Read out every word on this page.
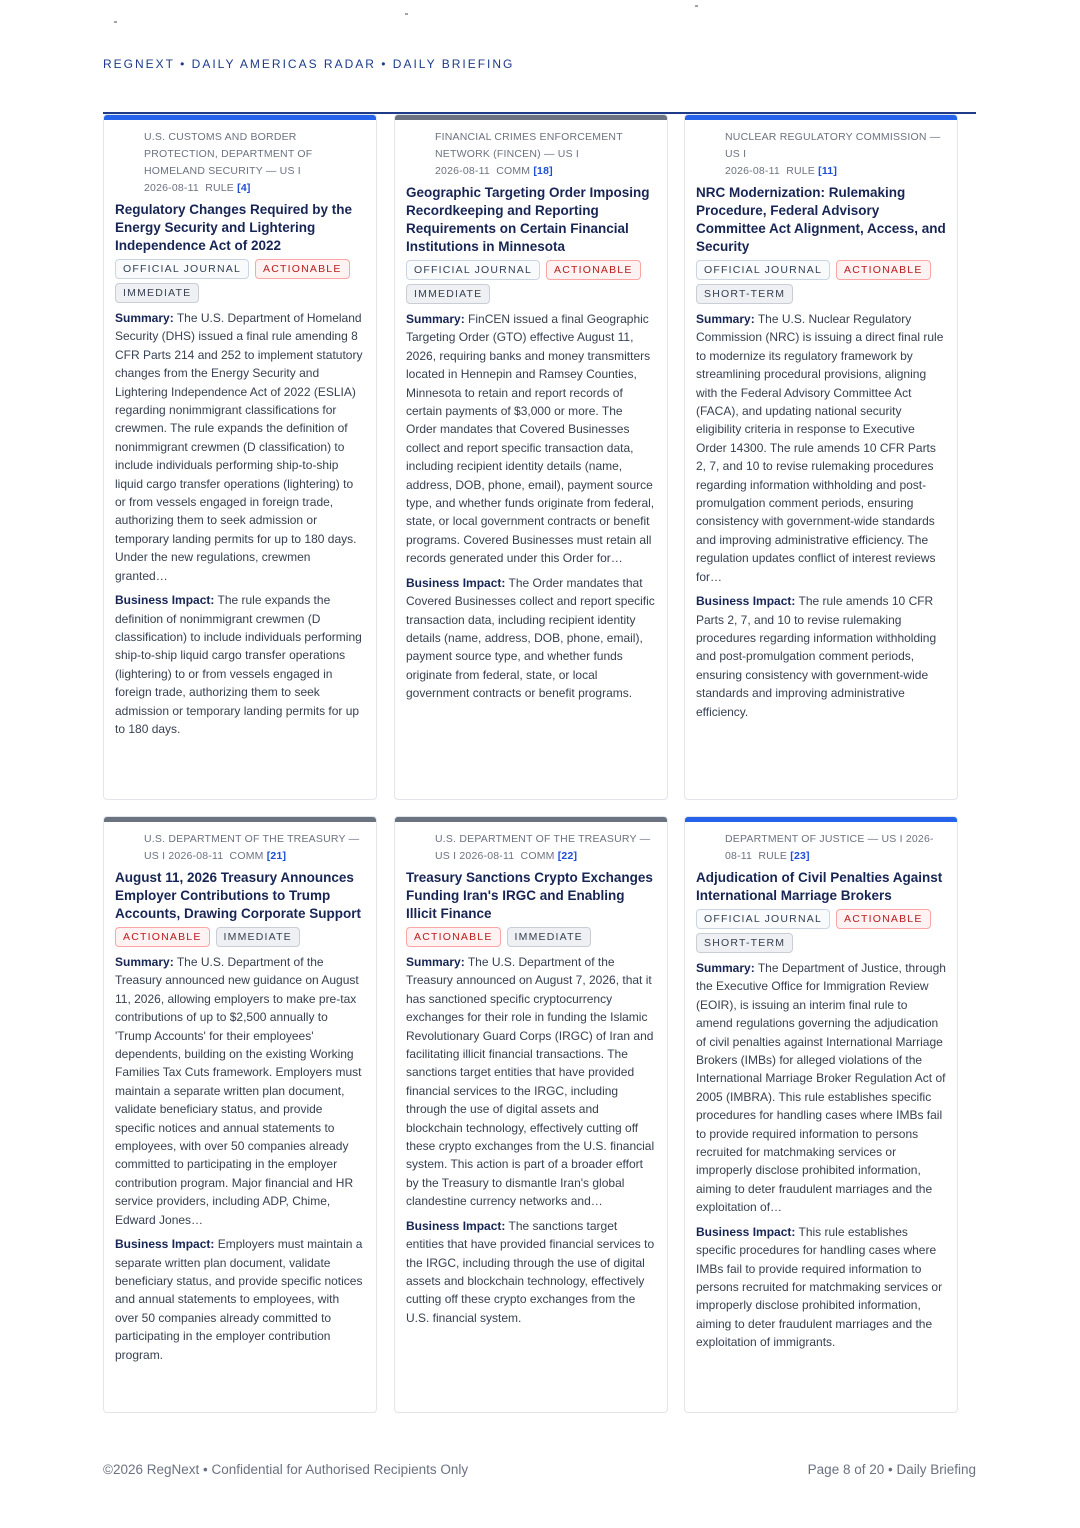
REGNEXT • DAILY AMERICAS RADAR • DAILY BRIEFING
U.S. CUSTOMS AND BORDER PROTECTION, DEPARTMENT OF HOMELAND SECURITY — US I
2026-08-11 RULE [4]
Regulatory Changes Required by the Energy Security and Lightering Independence Act of 2022
OFFICIAL JOURNAL	ACTIONABLE
IMMEDIATE

Summary: The U.S. Department of Homeland Security (DHS) issued a final rule amending 8 CFR Parts 214 and 252 to implement statutory changes from the Energy Security and Lightering Independence Act of 2022 (ESLIA) regarding nonimmigrant classifications for crewmen. The rule expands the definition of nonimmigrant crewmen (D classification) to include individuals performing ship-to-ship liquid cargo transfer operations (lightering) to or from vessels engaged in foreign trade, authorizing them to seek admission or temporary landing permits for up to 180 days. Under the new regulations, crewmen granted…

Business Impact: The rule expands the definition of nonimmigrant crewmen (D classification) to include individuals performing ship-to-ship liquid cargo transfer operations (lightering) to or from vessels engaged in foreign trade, authorizing them to seek admission or temporary landing permits for up to 180 days.

FINANCIAL CRIMES ENFORCEMENT NETWORK (FINCEN) — US I
2026-08-11 COMM [18]
Geographic Targeting Order Imposing Recordkeeping and Reporting Requirements on Certain Financial Institutions in Minnesota
OFFICIAL JOURNAL	ACTIONABLE
IMMEDIATE

Summary: FinCEN issued a final Geographic Targeting Order (GTO) effective August 11, 2026, requiring banks and money transmitters located in Hennepin and Ramsey Counties, Minnesota to retain and report records of certain payments of $3,000 or more. The Order mandates that Covered Businesses collect and report specific transaction data, including recipient identity details (name, address, DOB, phone, email), payment source type, and whether funds originate from federal, state, or local government contracts or benefit programs. Covered Businesses must retain all records generated under this Order for…

Business Impact: The Order mandates that Covered Businesses collect and report specific transaction data, including recipient identity details (name, address, DOB, phone, email), payment source type, and whether funds originate from federal, state, or local government contracts or benefit programs.

NUCLEAR REGULATORY COMMISSION — US I
2026-08-11 RULE [11]
NRC Modernization: Rulemaking Procedure, Federal Advisory Committee Act Alignment, Access, and Security
OFFICIAL JOURNAL	ACTIONABLE
SHORT-TERM

Summary: The U.S. Nuclear Regulatory Commission (NRC) is issuing a direct final rule to modernize its regulatory framework by streamlining procedural provisions, aligning with the Federal Advisory Committee Act (FACA), and updating national security eligibility criteria in response to Executive Order 14300. The rule amends 10 CFR Parts 2, 7, and 10 to revise rulemaking procedures regarding information withholding and post-promulgation comment periods, ensuring consistency with government-wide standards and improving administrative efficiency. The regulation updates conflict of interest reviews for…

Business Impact: The rule amends 10 CFR Parts 2, 7, and 10 to revise rulemaking procedures regarding information withholding and post-promulgation comment periods, ensuring consistency with government-wide standards and improving administrative efficiency.

U.S. DEPARTMENT OF THE TREASURY — US I 2026-08-11 COMM [21]
August 11, 2026 Treasury Announces Employer Contributions to Trump Accounts, Drawing Corporate Support
ACTIONABLE	IMMEDIATE

Summary: The U.S. Department of the Treasury announced new guidance on August 11, 2026, allowing employers to make pre-tax contributions of up to $2,500 annually to 'Trump Accounts' for their employees' dependents, building on the existing Working Families Tax Cuts framework. Employers must maintain a separate written plan document, validate beneficiary status, and provide specific notices and annual statements to employees, with over 50 companies already committed to participating in the employer contribution program. Major financial and HR service providers, including ADP, Chime, Edward Jones…

Business Impact: Employers must maintain a separate written plan document, validate beneficiary status, and provide specific notices and annual statements to employees, with over 50 companies already committed to participating in the employer contribution program.

U.S. DEPARTMENT OF THE TREASURY — US I 2026-08-11 COMM [22]
Treasury Sanctions Crypto Exchanges Funding Iran's IRGC and Enabling Illicit Finance
ACTIONABLE	IMMEDIATE

Summary: The U.S. Department of the Treasury announced on August 7, 2026, that it has sanctioned specific cryptocurrency exchanges for their role in funding the Islamic Revolutionary Guard Corps (IRGC) of Iran and facilitating illicit financial transactions. The sanctions target entities that have provided financial services to the IRGC, including through the use of digital assets and blockchain technology, effectively cutting off these crypto exchanges from the U.S. financial system. This action is part of a broader effort by the Treasury to dismantle Iran's global clandestine currency networks and…

Business Impact: The sanctions target entities that have provided financial services to the IRGC, including through the use of digital assets and blockchain technology, effectively cutting off these crypto exchanges from the U.S. financial system.

DEPARTMENT OF JUSTICE — US I 2026-08-11 RULE [23]
Adjudication of Civil Penalties Against International Marriage Brokers
OFFICIAL JOURNAL	ACTIONABLE
SHORT-TERM

Summary: The Department of Justice, through the Executive Office for Immigration Review (EOIR), is issuing an interim final rule to amend regulations governing the adjudication of civil penalties against International Marriage Brokers (IMBs) for alleged violations of the International Marriage Broker Regulation Act of 2005 (IMBRA). This rule establishes specific procedures for handling cases where IMBs fail to provide required information to persons recruited for matchmaking services or improperly disclose prohibited information, aiming to deter fraudulent marriages and the exploitation of…

Business Impact: This rule establishes specific procedures for handling cases where IMBs fail to provide required information to persons recruited for matchmaking services or improperly disclose prohibited information, aiming to deter fraudulent marriages and the exploitation of immigrants.

©2026 RegNext • Confidential for Authorised Recipients Only	Page 8 of 20 • Daily Briefing
